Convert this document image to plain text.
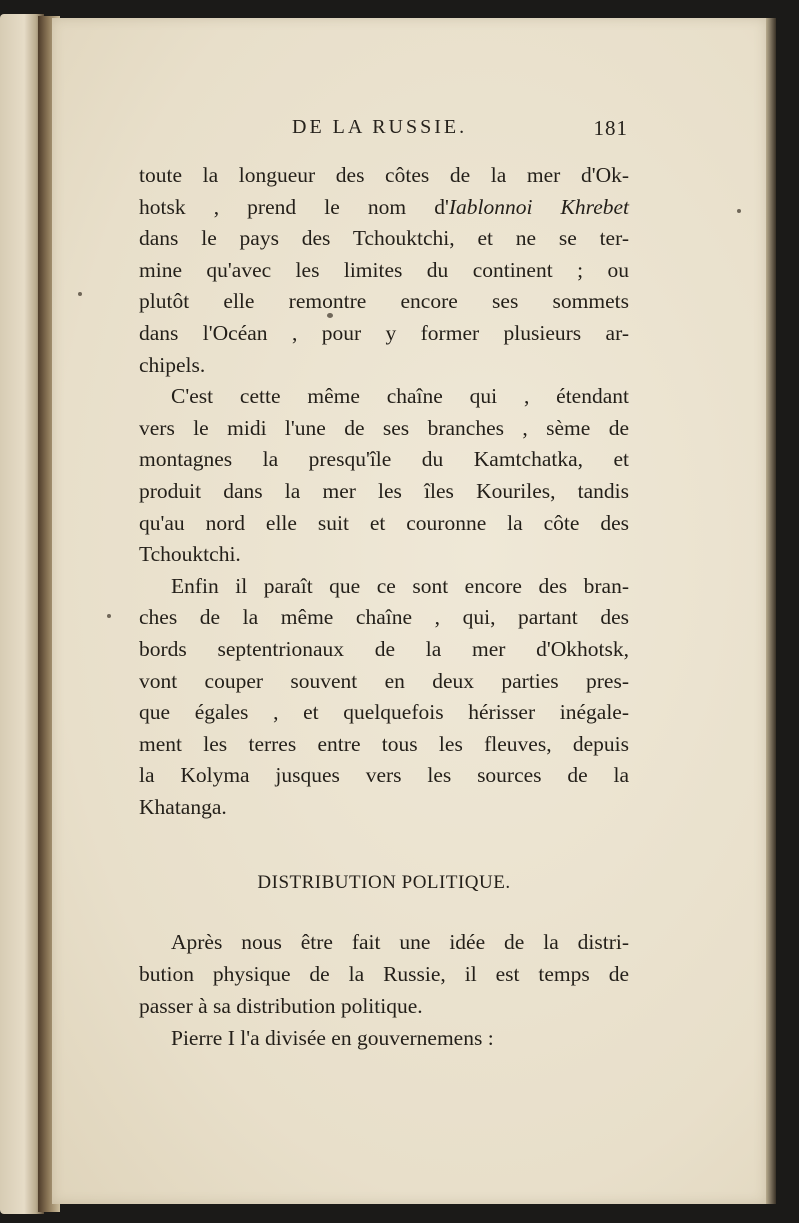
DE LA RUSSIE.	181
toute la longueur des côtes de la mer d'Ok-
hotsk , prend le nom d'Iablonnoi Khrebet
dans le pays des Tchouktchi, et ne se ter-
mine qu'avec les limites du continent ; ou
plutôt elle remontre encore ses sommets
dans l'Océan , pour y former plusieurs ar-
chipels.
C'est cette même chaîne qui , étendant
vers le midi l'une de ses branches , sème de
montagnes la presqu'île du Kamtchatka, et
produit dans la mer les îles Kouriles, tandis
qu'au nord elle suit et couronne la côte des
Tchouktchi.
Enfin il paraît que ce sont encore des bran-
ches de la même chaîne , qui, partant des
bords septentrionaux de la mer d'Okhotsk,
vont couper souvent en deux parties pres-
que égales , et quelquefois hérisser inégale-
ment les terres entre tous les fleuves, depuis
la Kolyma jusques vers les sources de la
Khatanga.
DISTRIBUTION POLITIQUE.
Après nous être fait une idée de la distri-
bution physique de la Russie, il est temps de
passer à sa distribution politique.
Pierre I l'a divisée en gouvernemens :
